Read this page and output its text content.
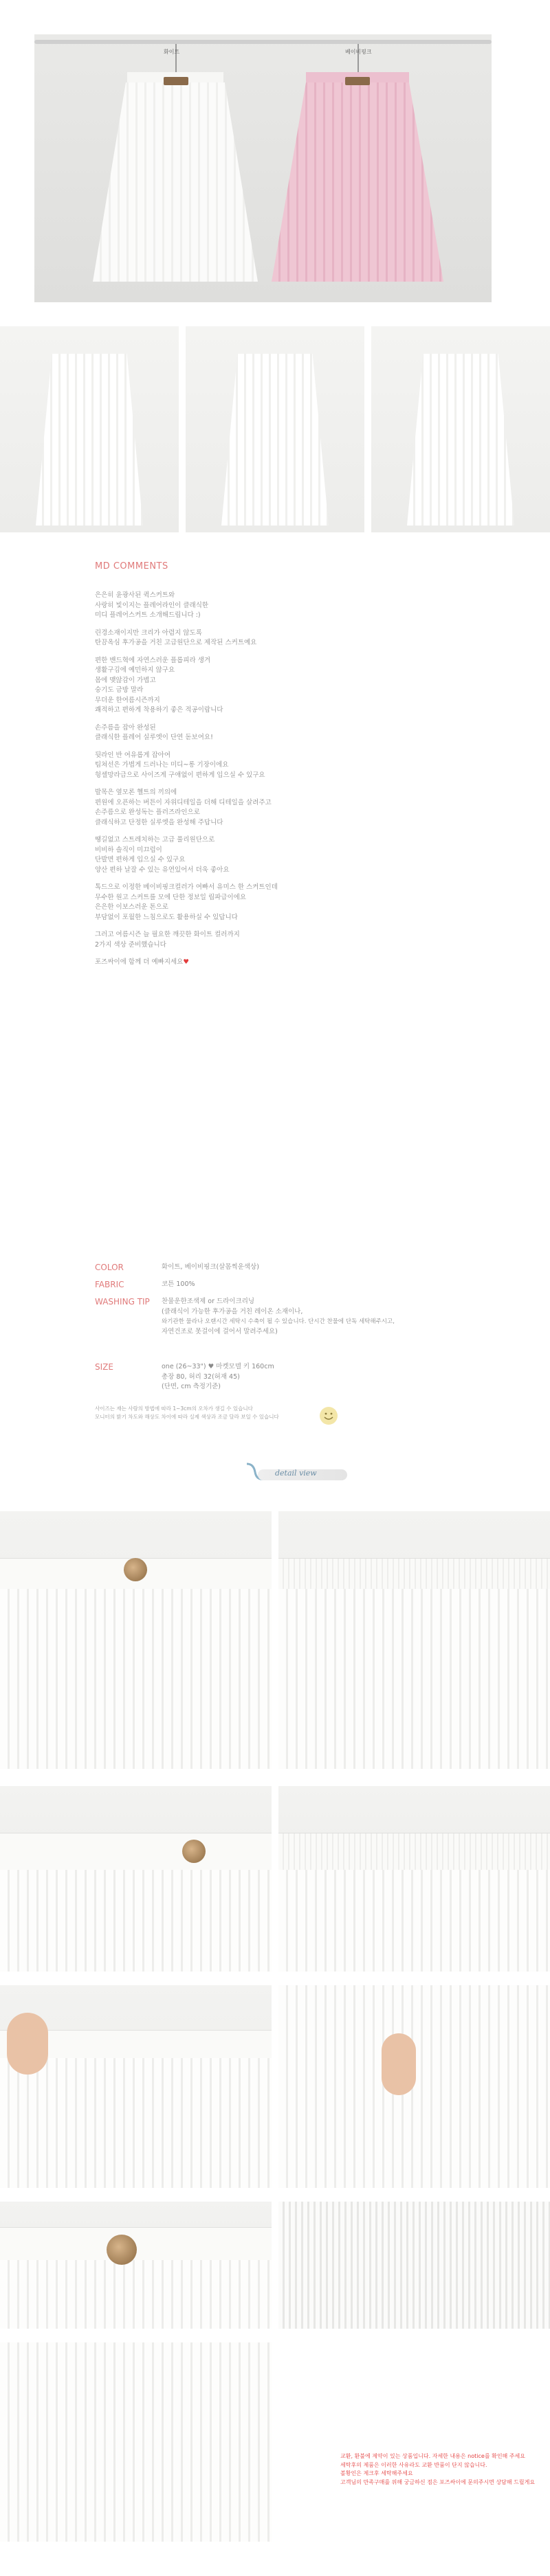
화이트	베이비핑크
MD COMMENTS
은은히 윤광사된 퀵스커트와
사랑히 빛이지는 플레어라인이 클래식한
미디 플레어스커트 소개해드립니다 :)
린경소재이지만 크리가 아렴지 않도록
탄끔옥심 후가공을 거친 고급원단으로 제작된 스커트예요
편한 밴드혁에 자연스러운 플롭피라 생겨
생활구김에 예민하지 않구요
몸에 맺않감이 가볍고
숭기도 금방 말라
무더운 한여름시즌까지
쾌적하고 편하게 착용하기 좋은 적공이랍니다
손주름을 잡아 완성된
클래식한 플레어 실루엣이 단연 돋보여요!
뒷라인 반 여유롭게 잡아여
팀쳐선은 가볍게 드러나는 미디~롱 기장이에요
헝셀망라급으로 사이즈게 구애없이 편하게 입으실 수 있구요
발목은 옆모론 헬트의 끼의에
편원에 오픈하는 버튼이 자위디테일을 더해 디테일을 살려주고
손주름으로 완성독는 플러즈라인으로
클래식하고 단정한 실루엣을 완성해 주답니다
땡길없고 스트레치하는 고급 풀리원단으로
비비하 솔직이 미끄럽이
단발면 편하게 입으실 수 있구요
양산 편하 날잘 수 있는 유연있어서 더욱 좋아요
톡드으로 이정한 베이비핑크컬러가 여빠서 유미스 한 스커트인데
무수한 원고 스커트를 모에 단한 정보일 립파급이에요
은은한 이보스러운 톤으로
부담없이 포월한 느침으로도 활용하실 수 있답니다
그러고 여름시즌 늘 필요한 깨끗한 화이트 컬러까지
2가지 색상 준비했습니다
포즈싸이에 함께 더 예빠지세요♥
COLOR	화이트, 베이비핑크(살몸찍운색상)
FABRIC	코튼 100%
WASHING TIP 찬물운한조색제 or 드라이크리닝
(클래식이 가능한 후가공을 거친 레이온 소재이나,
와기관한 물라나 오랜시간 세탁시 수축이 될 수 있습니다. 단시간 찬물에 단독 세탁해주시고,
자연건조로 못걸이에 걸어서 말려주세요)
SIZE	one (26~33") ♥ 마켓모델 키 160cm
총장 80, 허리 32(허재 45)
(단면, cm 측정기준)
사이즈는 재는 사람의 방법에 따라 1~3cm의 오차가 생길 수 있습니다
모니터의 밝기 차도와 해상도 차이에 따라 실제 색상과 조금 달라 보일 수 있습니다
detail view
교환, 환불에 제약이 있는 상품입니다. 자세한 내용은 notice를 확인해 주세요
세탁후의 제품은 이러한 사유라도 교환 반품이 단지 않습니다.
볼황인은 제크후 세탁해주세요
고객님의 만족구매를 위해 궁금하신 점은 포즈싸이에 문의주시면 상담해 드릴게요
